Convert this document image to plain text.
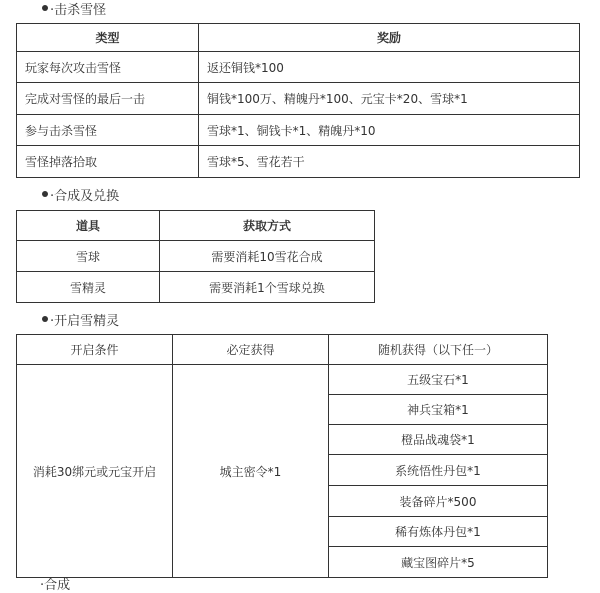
·击杀雪怪
类型	奖励
玩家每次攻击雪怪	返还铜钱*100
完成对雪怪的最后一击	铜钱*100万、精魄丹*100、元宝卡*20、雪球*1
参与击杀雪怪	雪球*1、铜钱卡*1、精魄丹*10
雪怪掉落拾取	雪球*5、雪花若干
·合成及兑换
道具	获取方式
雪球	需要消耗10雪花合成
雪精灵	需要消耗1个雪球兑换
·开启雪精灵
开启条件	必定获得	随机获得（以下任一）
消耗30绑元或元宝开启	城主密令*1	五级宝石*1
		神兵宝箱*1
		橙品战魂袋*1
		系统悟性丹包*1
		装备碎片*500
		稀有炼体丹包*1
		藏宝图碎片*5
·合成
